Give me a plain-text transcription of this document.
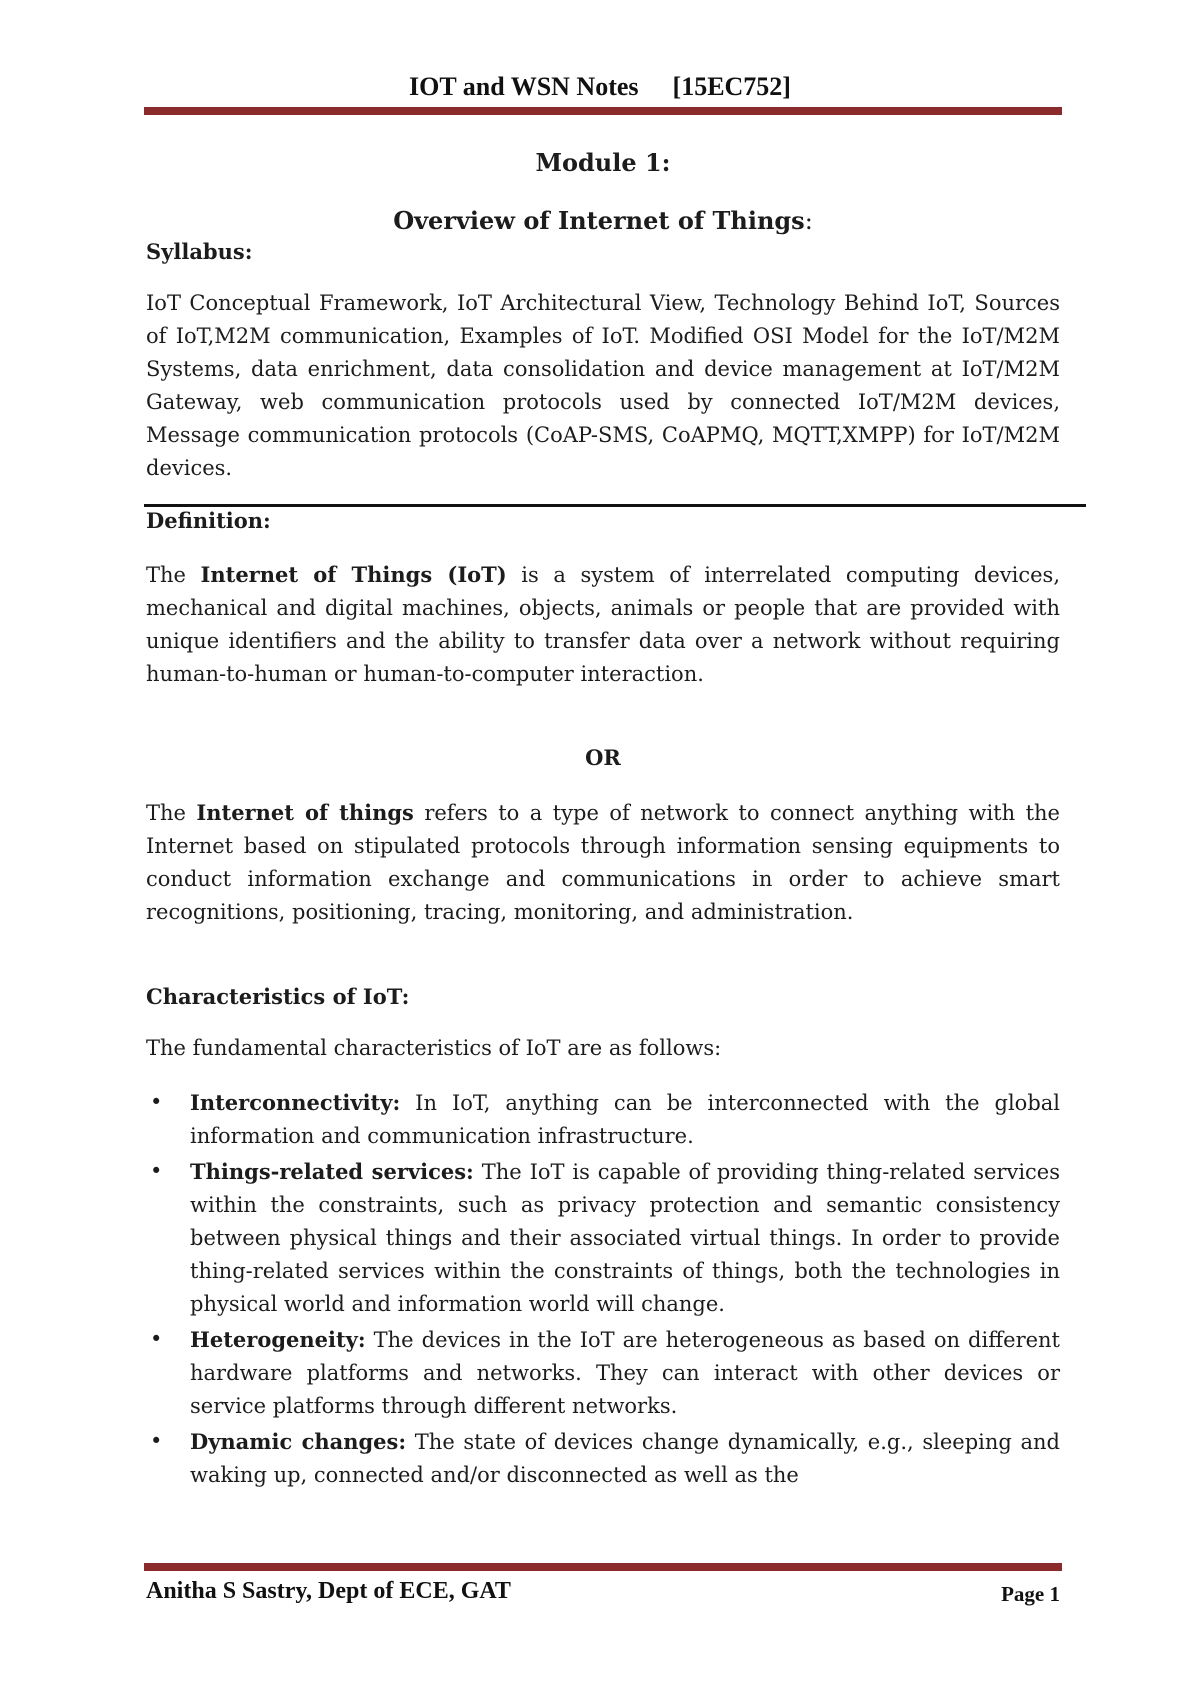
IOT and WSN Notes [15EC752]
Module 1:
Overview of Internet of Things:
Syllabus:
IoT Conceptual Framework, IoT Architectural View, Technology Behind IoT, Sources of IoT,M2M communication, Examples of IoT. Modified OSI Model for the IoT/M2M Systems, data enrichment, data consolidation and device management at IoT/M2M Gateway, web communication protocols used by connected IoT/M2M devices, Message communication protocols (CoAP-SMS, CoAPMQ, MQTT,XMPP) for IoT/M2M devices.
Definition:
The Internet of Things (IoT) is a system of interrelated computing devices, mechanical and digital machines, objects, animals or people that are provided with unique identifiers and the ability to transfer data over a network without requiring human-to-human or human-to-computer interaction.
OR
The Internet of things refers to a type of network to connect anything with the Internet based on stipulated protocols through information sensing equipments to conduct information exchange and communications in order to achieve smart recognitions, positioning, tracing, monitoring, and administration.
Characteristics of IoT:
The fundamental characteristics of IoT are as follows:
• Interconnectivity: In IoT, anything can be interconnected with the global information and communication infrastructure.
• Things-related services: The IoT is capable of providing thing-related services within the constraints, such as privacy protection and semantic consistency between physical things and their associated virtual things. In order to provide thing-related services within the constraints of things, both the technologies in physical world and information world will change.
• Heterogeneity: The devices in the IoT are heterogeneous as based on different hardware platforms and networks. They can interact with other devices or service platforms through different networks.
• Dynamic changes: The state of devices change dynamically, e.g., sleeping and waking up, connected and/or disconnected as well as the
Anitha S Sastry, Dept of ECE, GAT	Page 1
